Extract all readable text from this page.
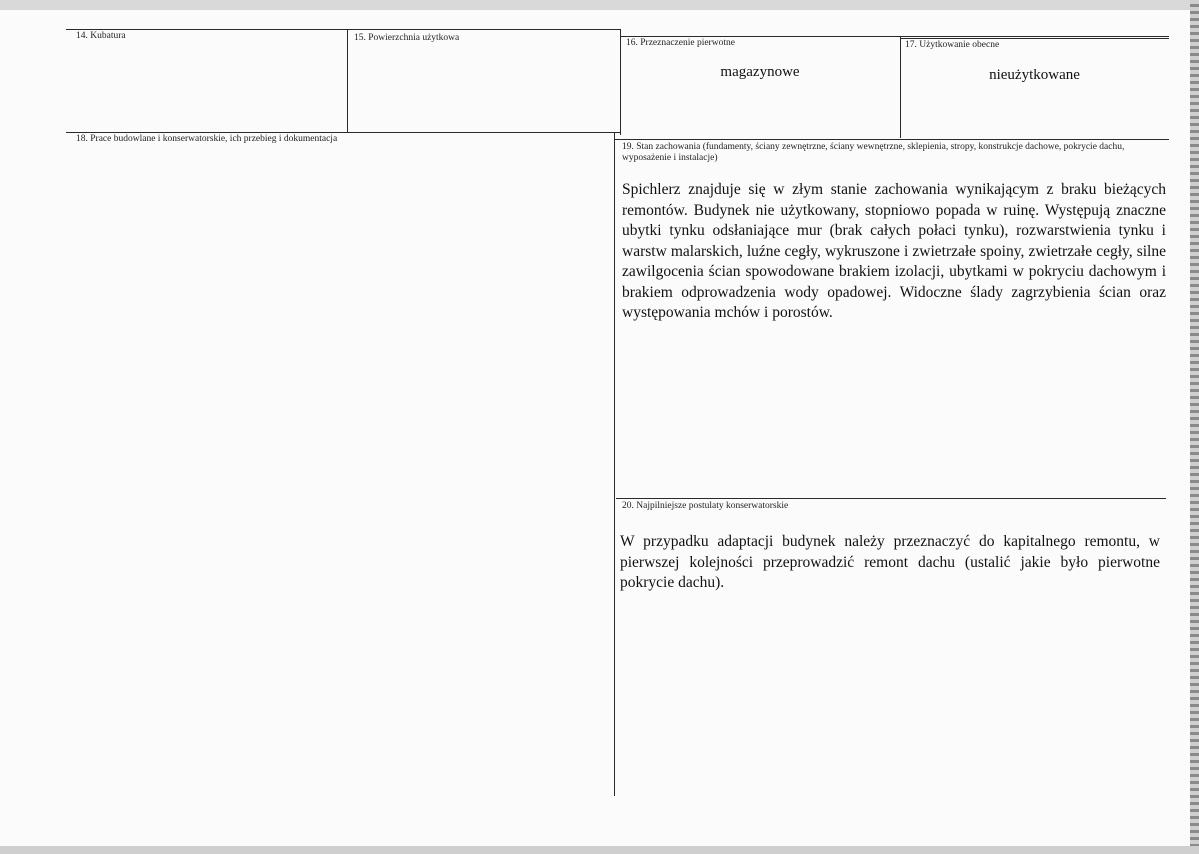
14. Kubatura	15. Powierzchnia użytkowa	16. Przeznaczenie pierwotne
magazynowe
17. Użytkowanie obecne
nieużytkowane
18. Prace budowlane i konserwatorskie, ich przebieg i dokumentacja
19. Stan zachowania (fundamenty, ściany zewnętrzne, ściany wewnętrzne, sklepienia, stropy, konstrukcje dachowe, pokrycie dachu, wyposażenie i instalacje)
Spichlerz znajduje się w złym stanie zachowania wynikającym z braku bieżących remontów. Budynek nie użytkowany, stopniowo popada w ruinę. Występują znaczne ubytki tynku odsłaniające mur (brak całych połaci tynku), rozwarstwienia tynku i warstw malarskich, luźne cegły, wykruszone i zwietrzałe spoiny, zwietrzałe cegły, silne zawilgocenia ścian spowodowane brakiem izolacji, ubytkami w pokryciu dachowym i brakiem odprowadzenia wody opadowej. Widoczne ślady zagrzybienia ścian oraz występowania mchów i porostów.
20. Najpilniejsze postulaty konserwatorskie
W przypadku adaptacji budynek należy przeznaczyć do kapitalnego remontu, w pierwszej kolejności przeprowadzić remont dachu (ustalić jakie było pierwotne pokrycie dachu).
